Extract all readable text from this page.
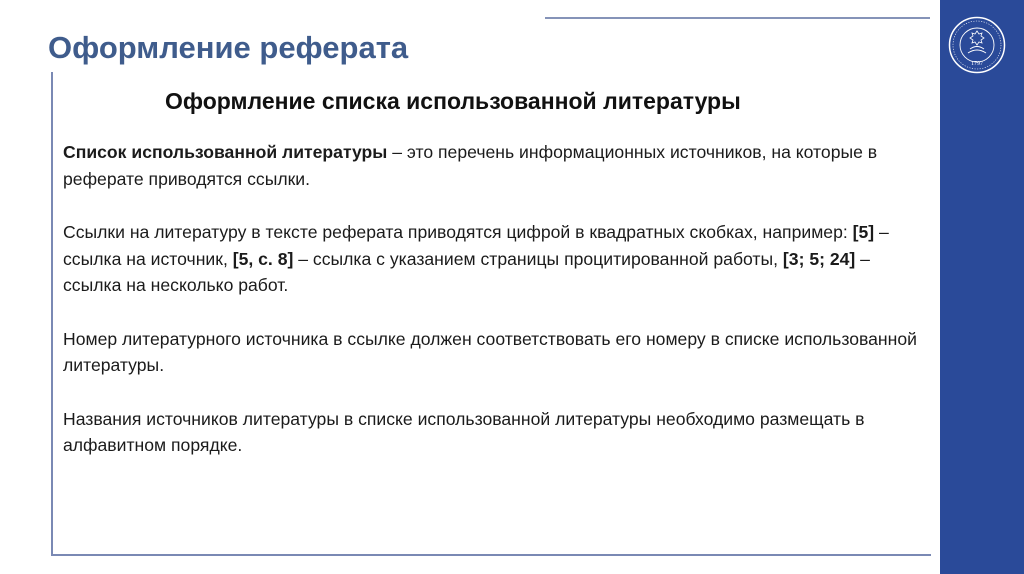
Оформление реферата
Оформление списка использованной литературы

Список использованной литературы – это перечень информационных источников, на которые в реферате приводятся ссылки.

Ссылки на литературу в тексте реферата приводятся цифрой в квадратных скобках, например: [5] – ссылка на источник, [5, с. 8] – ссылка с указанием страницы процитированной работы, [3; 5; 24] – ссылка на несколько работ.

Номер литературного источника в ссылке должен соответствовать его номеру в списке использованной литературы.

Названия источников литературы в списке использованной литературы необходимо размещать в алфавитном порядке.

1797
